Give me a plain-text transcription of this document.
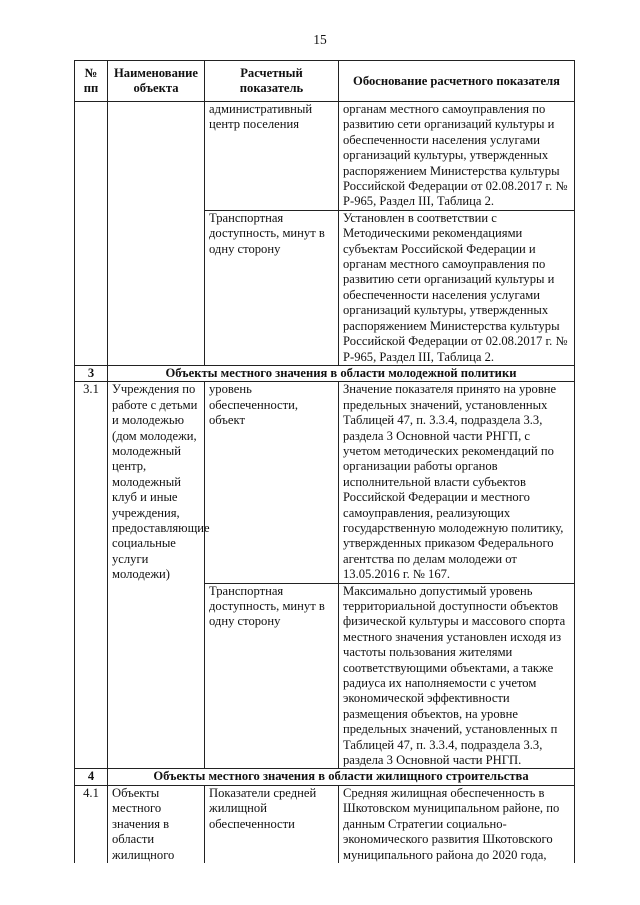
15
№ пп	Наименование объекта	Расчетный показатель	Обоснование расчетного показателя
		административный центр поселения	органам местного самоуправления по развитию сети организаций культуры и обеспеченности населения услугами организаций культуры, утвержденных распоряжением Министерства культуры Российской Федерации от 02.08.2017 г. № Р-965, Раздел III, Таблица 2.
		Транспортная доступность, минут в одну сторону	Установлен в соответствии с Методическими рекомендациями субъектам Российской Федерации и органам местного самоуправления по развитию сети организаций культуры и обеспеченности населения услугами организаций культуры, утвержденных распоряжением Министерства культуры Российской Федерации от 02.08.2017 г. № Р-965, Раздел III, Таблица 2.
3	Объекты местного значения в области молодежной политики		
3.1	Учреждения по работе с детьми и молодежью (дом молодежи, молодежный центр, молодежный клуб и иные учреждения, предоставляющие социальные услуги молодежи)	уровень обеспеченности, объект	Значение показателя принято на уровне предельных значений, установленных Таблицей 47, п. 3.3.4, подраздела 3.3, раздела 3 Основной части РНГП, с учетом методических рекомендаций по организации работы органов исполнительной власти субъектов Российской Федерации и местного самоуправления, реализующих государственную молодежную политику, утвержденных приказом Федерального агентства по делам молодежи от 13.05.2016 г. № 167.
		Транспортная доступность, минут в одну сторону	Максимально допустимый уровень территориальной доступности объектов физической культуры и массового спорта местного значения установлен исходя из частоты пользования жителями соответствующими объектами, а также радиуса их наполняемости с учетом экономической эффективности размещения объектов, на уровне предельных значений, установленных п Таблицей 47, п. 3.3.4, подраздела 3.3, раздела 3 Основной части РНГП.
4	Объекты местного значения в области жилищного строительства		
4.1	Объекты местного значения в области жилищного	Показатели средней жилищной обеспеченности	Средняя жилищная обеспеченность в Шкотовском муниципальном районе, по данным Стратегии социально-экономического развития Шкотовского муниципального района до 2020 года,
